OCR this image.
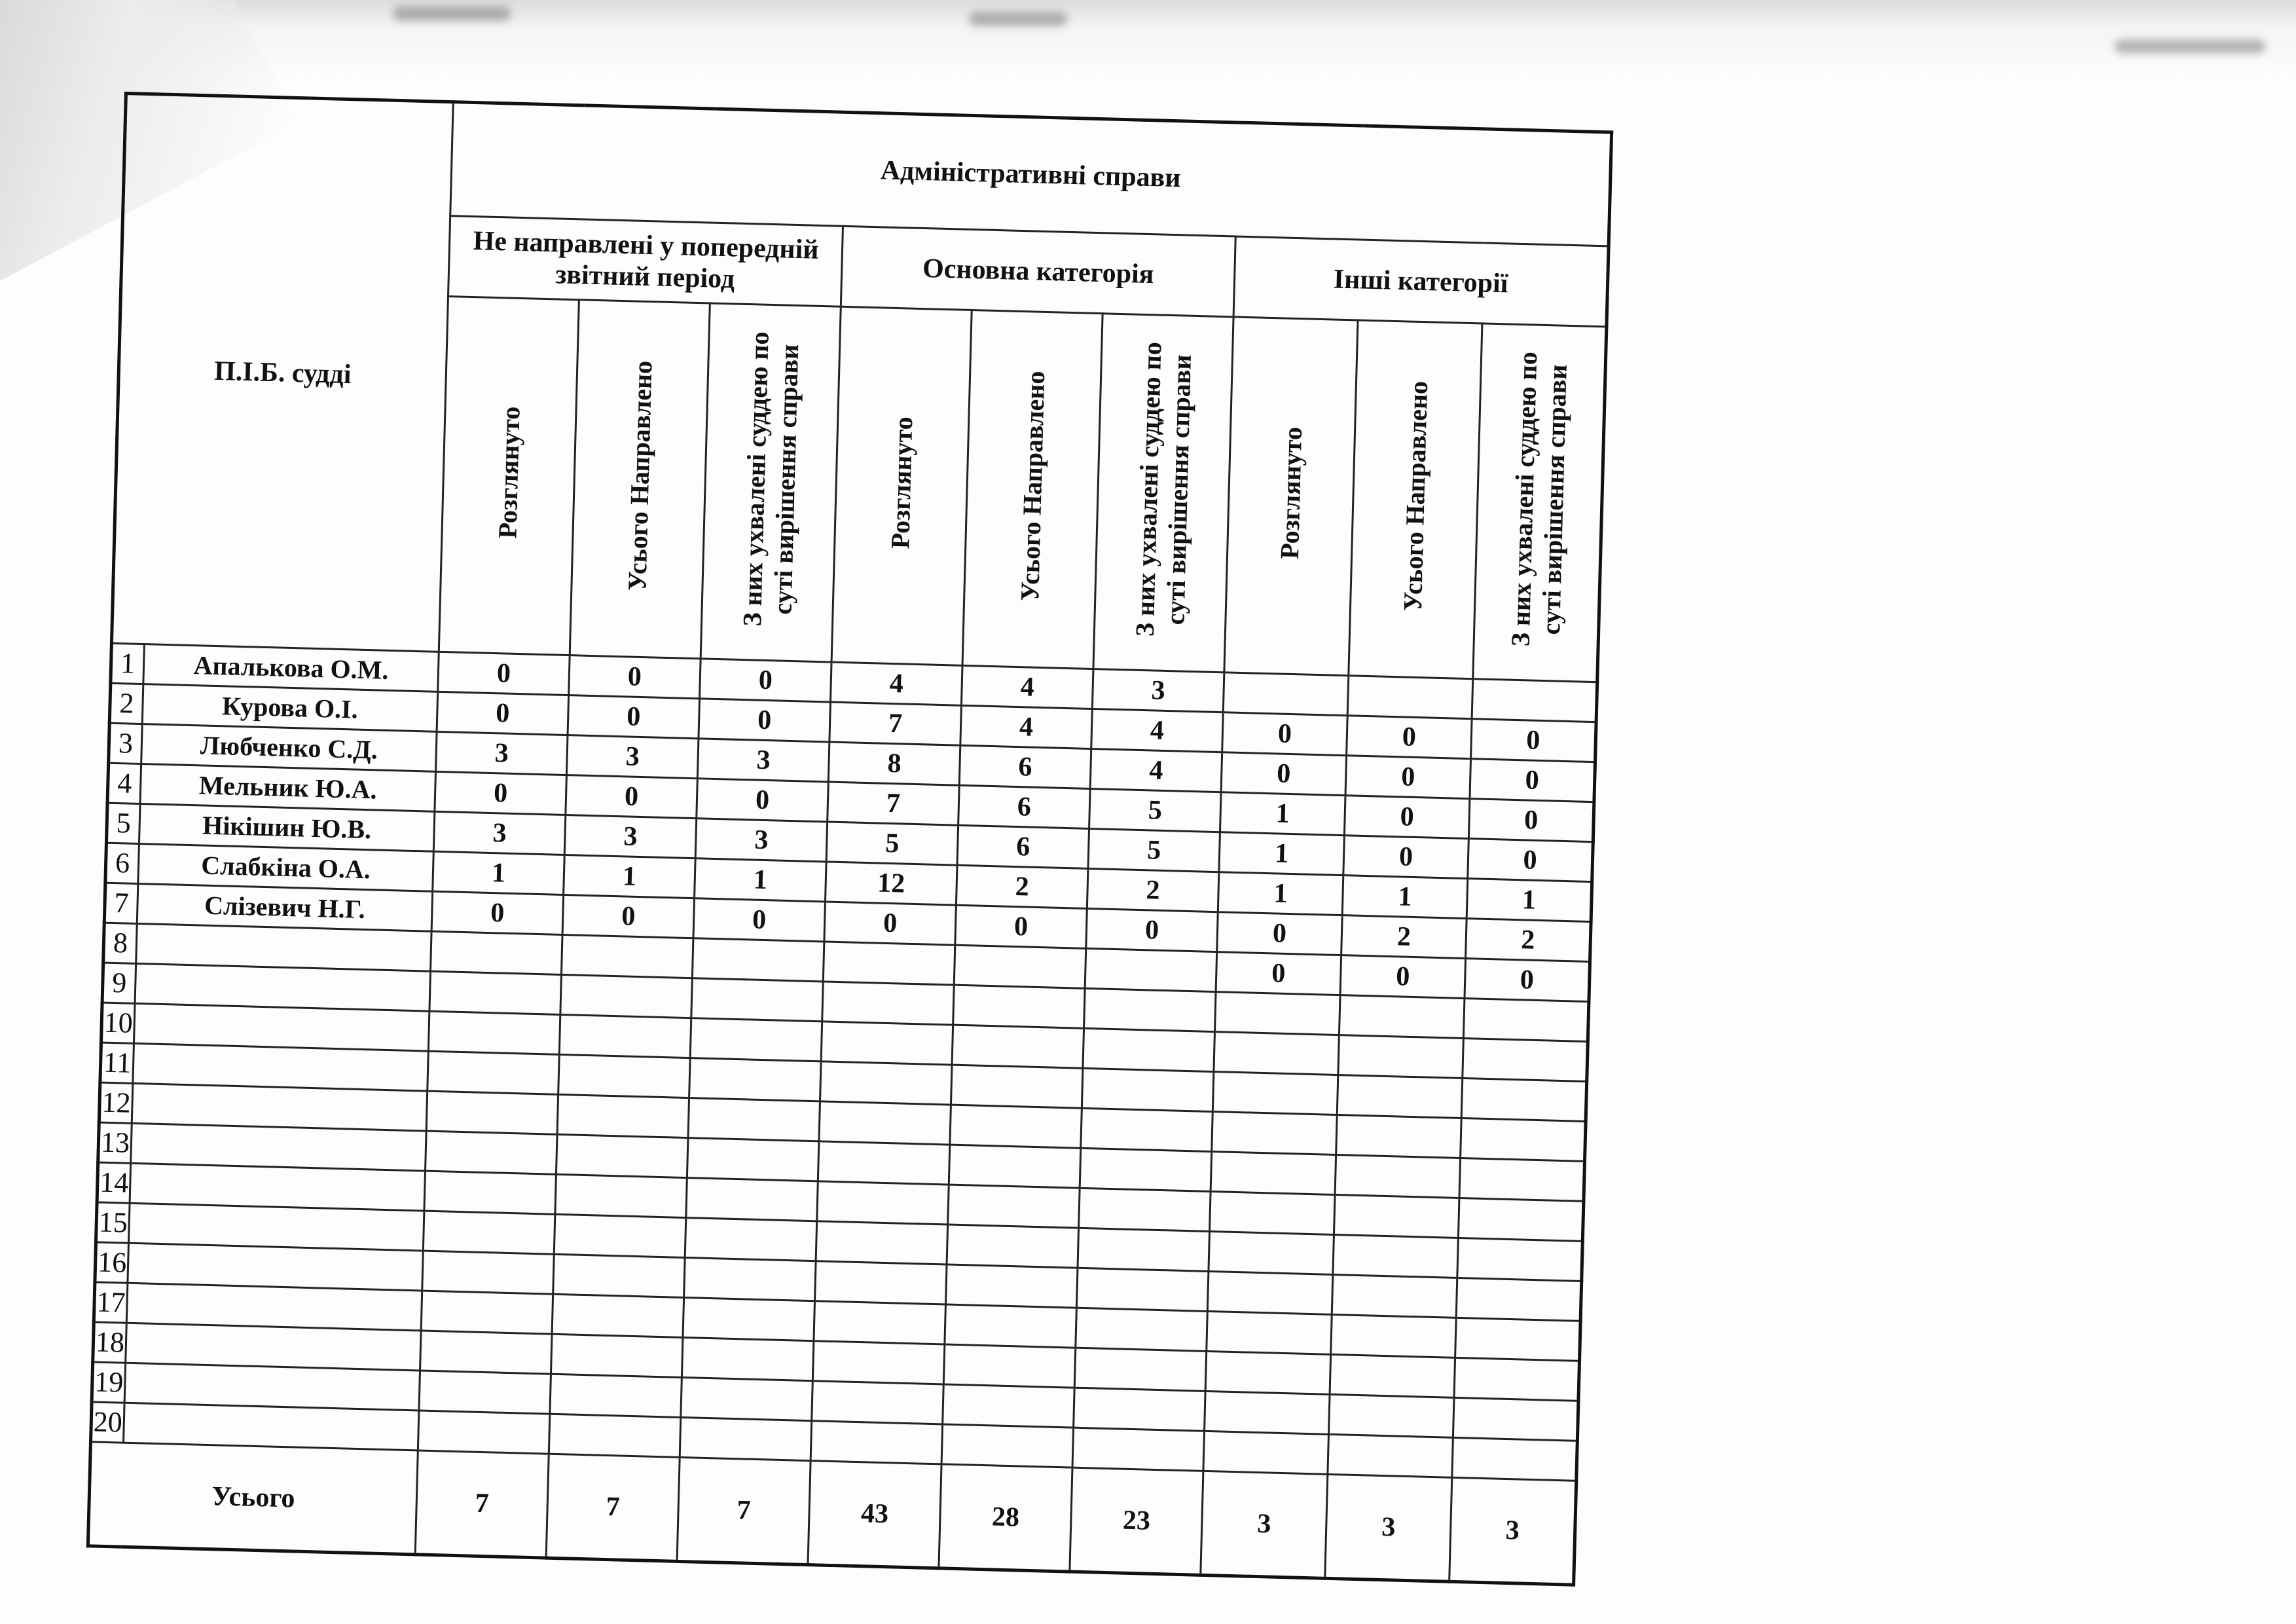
П.І.Б. судді		Адміністративні справи								
		Не направлені у попередній звітний період			Основна категорія			Інші категорії		
		Розглянуто	Усього Направлено	З них ухвалені суддею по суті вирішення справи	Розглянуто	Усього Направлено	З них ухвалені суддею по суті вирішення справи	Розглянуто	Усього Направлено	З них ухвалені суддею по суті вирішення справи
1	Апалькова О.М.	0	0	0	4	4	3			
2	Курова О.І.	0	0	0	7	4	4	0	0	0
3	Любченко С.Д.	3	3	3	8	6	4	0	0	0
4	Мельник Ю.А.	0	0	0	7	6	5	1	0	0
5	Нікішин Ю.В.	3	3	3	5	6	5	1	0	0
6	Слабкіна О.А.	1	1	1	12	2	2	1	1	1
7	Слізевич Н.Г.	0	0	0	0	0	0	0	2	2
8								0	0	0
9										
10										
11										
12										
13										
14										
15										
16										
17										
18										
19										
20										
Усього		7	7	7	43	28	23	3	3	3
